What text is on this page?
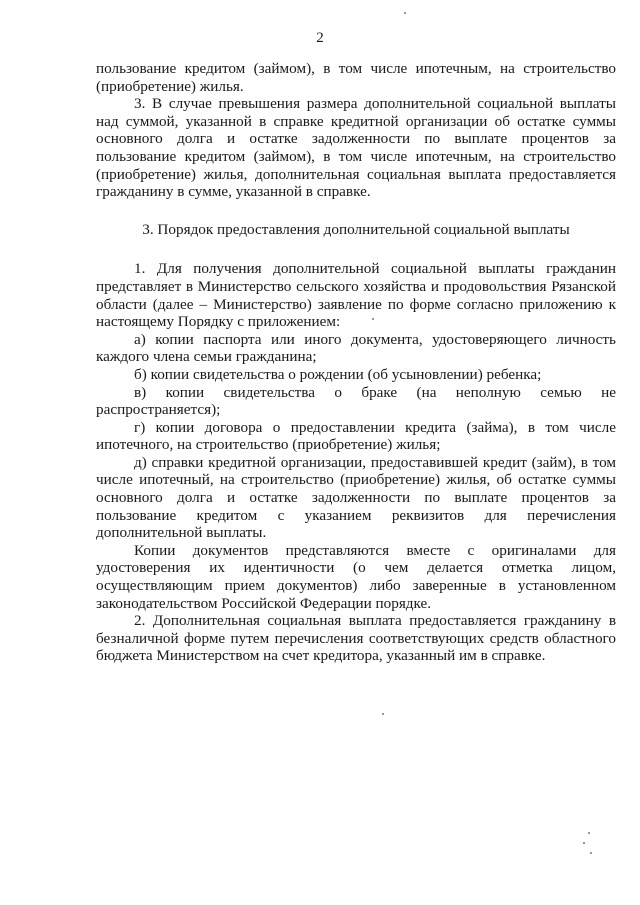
2

пользование кредитом (займом), в том числе ипотечным, на строительство (приобретение) жилья.

3. В случае превышения размера дополнительной социальной выплаты над суммой, указанной в справке кредитной организации об остатке суммы основного долга и остатке задолженности по выплате процентов за пользование кредитом (займом), в том числе ипотечным, на строительство (приобретение) жилья, дополнительная социальная выплата предоставляется гражданину в сумме, указанной в справке.

3. Порядок предоставления дополнительной социальной выплаты

1. Для получения дополнительной социальной выплаты гражданин представляет в Министерство сельского хозяйства и продовольствия Рязанской области (далее – Министерство) заявление по форме согласно приложению к настоящему Порядку с приложением:

а) копии паспорта или иного документа, удостоверяющего личность каждого члена семьи гражданина;

б) копии свидетельства о рождении (об усыновлении) ребенка;

в) копии свидетельства о браке (на неполную семью не распространяется);

г) копии договора о предоставлении кредита (займа), в том числе ипотечного, на строительство (приобретение) жилья;

д) справки кредитной организации, предоставившей кредит (займ), в том числе ипотечный, на строительство (приобретение) жилья, об остатке суммы основного долга и остатке задолженности по выплате процентов за пользование кредитом с указанием реквизитов для перечисления дополнительной выплаты.

Копии документов представляются вместе с оригиналами для удостоверения их идентичности (о чем делается отметка лицом, осуществляющим прием документов) либо заверенные в установленном законодательством Российской Федерации порядке.

2. Дополнительная социальная выплата предоставляется гражданину в безналичной форме путем перечисления соответствующих средств областного бюджета Министерством на счет кредитора, указанный им в справке.
